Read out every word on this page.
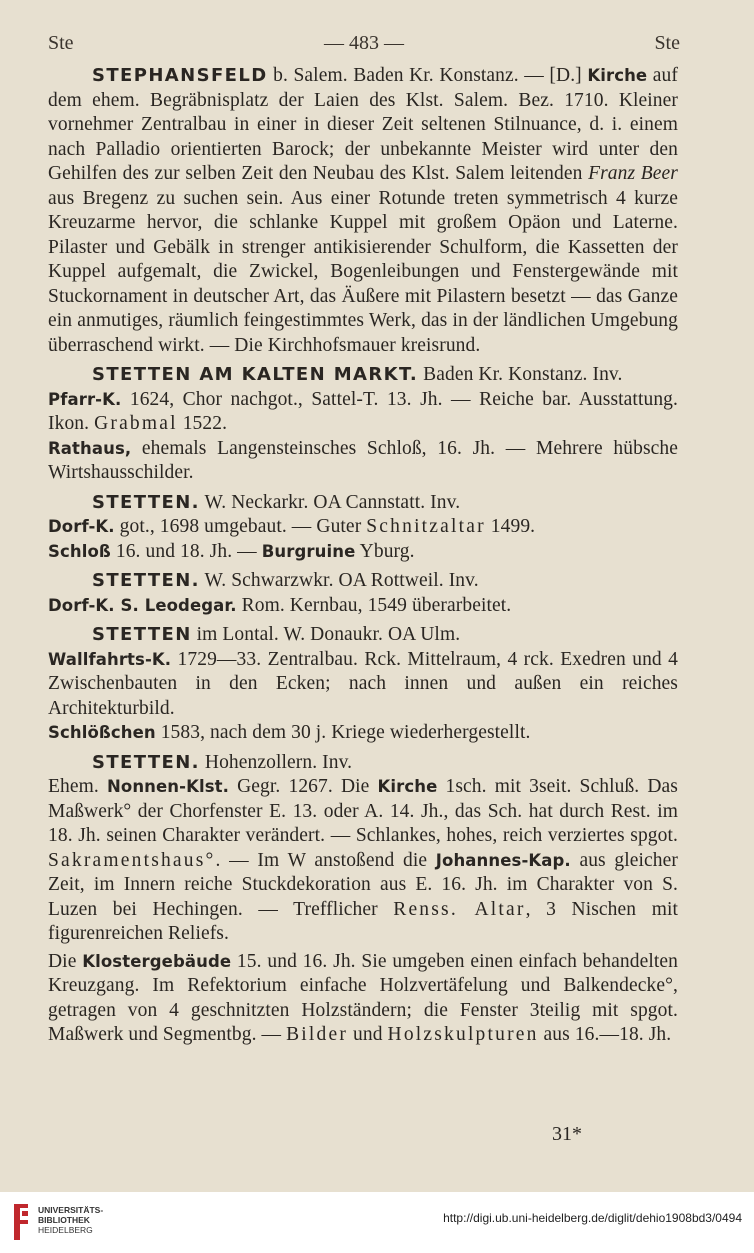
Ste	— 483 —	Ste

STEPHANSFELD b. Salem. Baden Kr. Konstanz. — [D.] Kirche auf dem ehem. Begräbnisplatz der Laien des Klst. Salem. Bez. 1710. Kleiner vornehmer Zentralbau in einer in dieser Zeit seltenen Stilnuance, d. i. einem nach Palladio orientierten Barock; der unbekannte Meister wird unter den Gehilfen des zur selben Zeit den Neubau des Klst. Salem leitenden Franz Beer aus Bregenz zu suchen sein. Aus einer Rotunde treten symmetrisch 4 kurze Kreuzarme hervor, die schlanke Kuppel mit großem Opäon und Laterne. Pilaster und Gebälk in strenger antikisierender Schulform, die Kassetten der Kuppel aufgemalt, die Zwickel, Bogenleibungen und Fenstergewände mit Stuckornament in deutscher Art, das Äußere mit Pilastern besetzt — das Ganze ein anmutiges, räumlich feingestimmtes Werk, das in der ländlichen Umgebung überraschend wirkt. — Die Kirchhofsmauer kreisrund.

STETTEN AM KALTEN MARKT. Baden Kr. Konstanz. Inv.

Pfarr-K. 1624, Chor nachgot., Sattel-T. 13. Jh. — Reiche bar. Ausstattung. Ikon. Grabmal 1522.

Rathaus, ehemals Langensteinsches Schloß, 16. Jh. — Mehrere hübsche Wirtshausschilder.

STETTEN. W. Neckarkr. OA Cannstatt. Inv.

Dorf-K. got., 1698 umgebaut. — Guter Schnitzaltar 1499.

Schloß 16. und 18. Jh. — Burgruine Yburg.

STETTEN. W. Schwarzwkr. OA Rottweil. Inv.

Dorf-K. S. Leodegar. Rom. Kernbau, 1549 überarbeitet.

STETTEN im Lontal. W. Donaukr. OA Ulm.

Wallfahrts-K. 1729—33. Zentralbau. Rck. Mittelraum, 4 rck. Exedren und 4 Zwischenbauten in den Ecken; nach innen und außen ein reiches Architekturbild.

Schlößchen 1583, nach dem 30 j. Kriege wiederhergestellt.

STETTEN. Hohenzollern. Inv.

Ehem. Nonnen-Klst. Gegr. 1267. Die Kirche 1sch. mit 3seit. Schluß. Das Maßwerk° der Chorfenster E. 13. oder A. 14. Jh., das Sch. hat durch Rest. im 18. Jh. seinen Charakter verändert. — Schlankes, hohes, reich verziertes spgot. Sakramentshaus°. — Im W anstoßend die Johannes-Kap. aus gleicher Zeit, im Innern reiche Stuckdekoration aus E. 16. Jh. im Charakter von S. Luzen bei Hechingen. — Trefflicher Renss. Altar, 3 Nischen mit figurenreichen Reliefs.

Die Klostergebäude 15. und 16. Jh. Sie umgeben einen einfach behandelten Kreuzgang. Im Refektorium einfache Holzvertäfelung und Balkendecke°, getragen von 4 geschnitzten Holzständern; die Fenster 3teilig mit spgot. Maßwerk und Segmentbg. — Bilder und Holzskulpturen aus 16.—18. Jh.

31*
UNIVERSITÄTS-
BIBLIOTHEK
HEIDELBERG
http://digi.ub.uni-heidelberg.de/diglit/dehio1908bd3/0494
